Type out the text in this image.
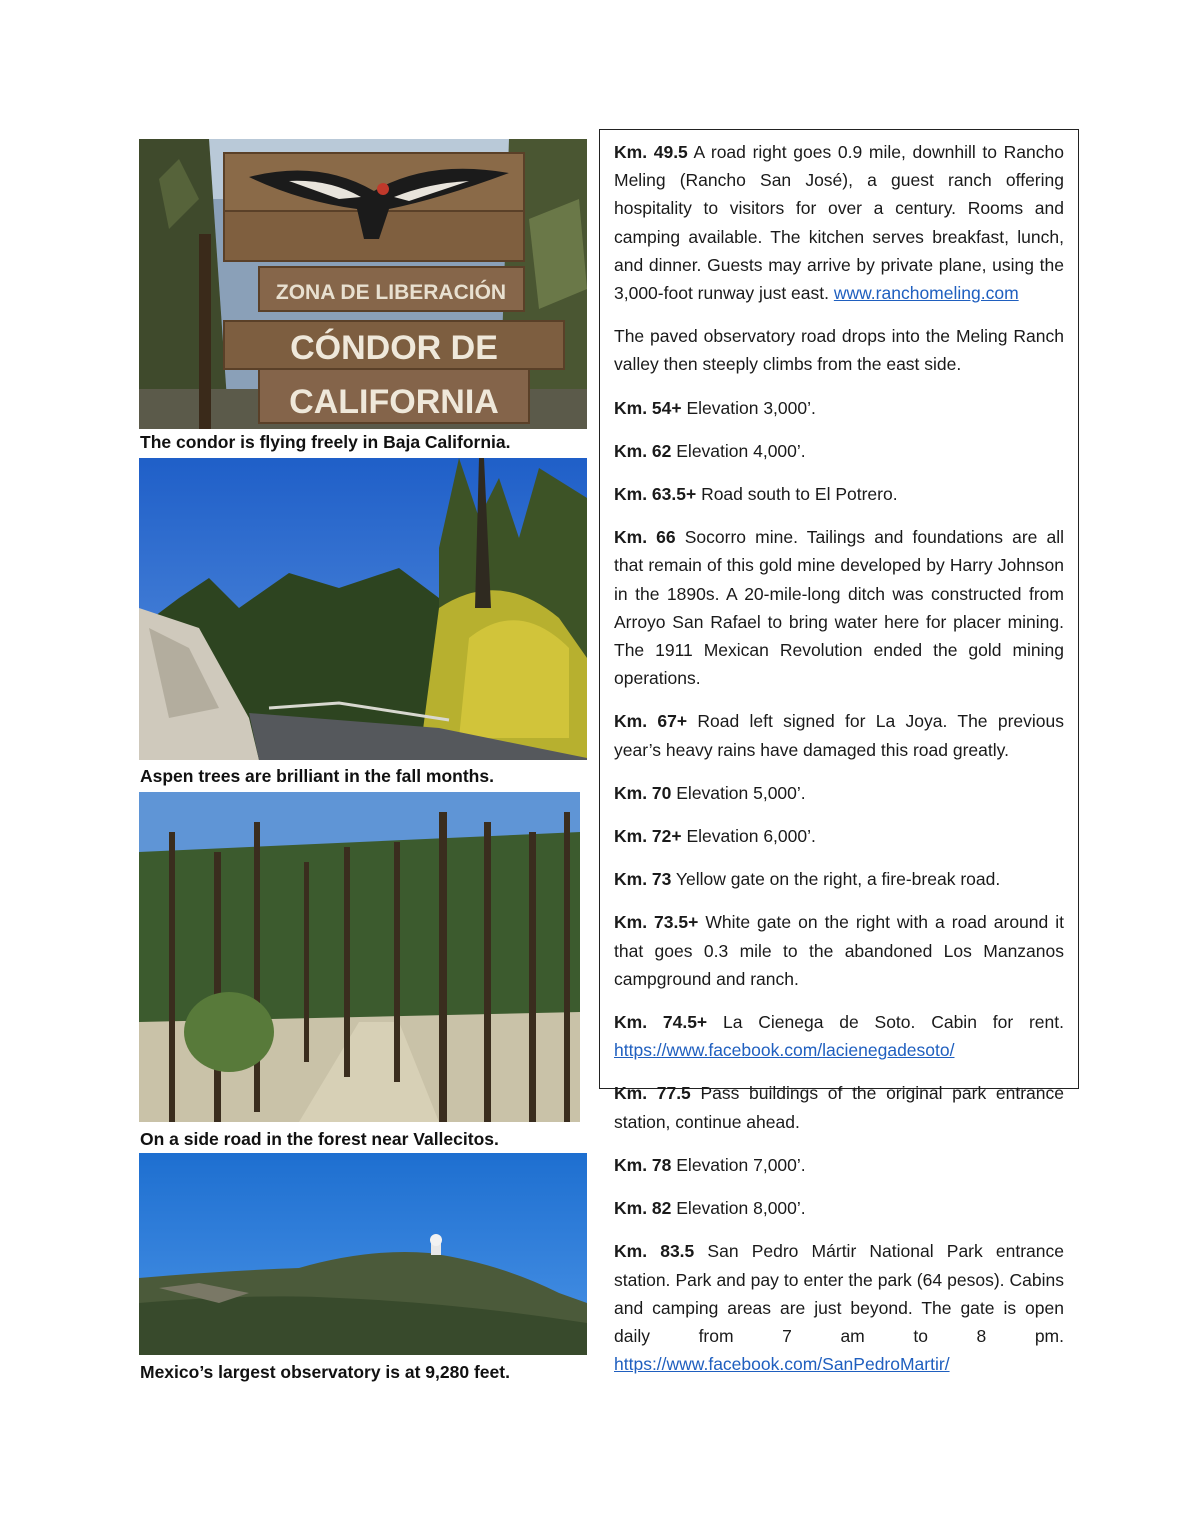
ZONA DE LIBERACIÓN
CÓNDOR DE
CALIFORNIA
The condor is flying freely in Baja California.
Aspen trees are brilliant in the fall months.
On a side road in the forest near Vallecitos.
Mexico’s largest observatory is at 9,280 feet.

Km. 49.5 A road right goes 0.9 mile, downhill to Rancho Meling (Rancho San José), a guest ranch offering hospitality to visitors for over a century. Rooms and camping available. The kitchen serves breakfast, lunch, and dinner. Guests may arrive by private plane, using the 3,000-foot runway just east. www.ranchomeling.com

The paved observatory road drops into the Meling Ranch valley then steeply climbs from the east side.

Km. 54+ Elevation 3,000’.

Km. 62 Elevation 4,000’.

Km. 63.5+ Road south to El Potrero.

Km. 66 Socorro mine. Tailings and foundations are all that remain of this gold mine developed by Harry Johnson in the 1890s. A 20-mile-long ditch was constructed from Arroyo San Rafael to bring water here for placer mining. The 1911 Mexican Revolution ended the gold mining operations.

Km. 67+ Road left signed for La Joya. The previous year’s heavy rains have damaged this road greatly.

Km. 70 Elevation 5,000’.

Km. 72+ Elevation 6,000’.

Km. 73 Yellow gate on the right, a fire-break road.

Km. 73.5+ White gate on the right with a road around it that goes 0.3 mile to the abandoned Los Manzanos campground and ranch.

Km. 74.5+ La Cienega de Soto. Cabin for rent. https://www.facebook.com/lacienegadesoto/

Km. 77.5 Pass buildings of the original park entrance station, continue ahead.

Km. 78 Elevation 7,000’.

Km. 82 Elevation 8,000’.

Km. 83.5 San Pedro Mártir National Park entrance station. Park and pay to enter the park (64 pesos). Cabins and camping areas are just beyond. The gate is open daily from 7 am to 8 pm. https://www.facebook.com/SanPedroMartir/
